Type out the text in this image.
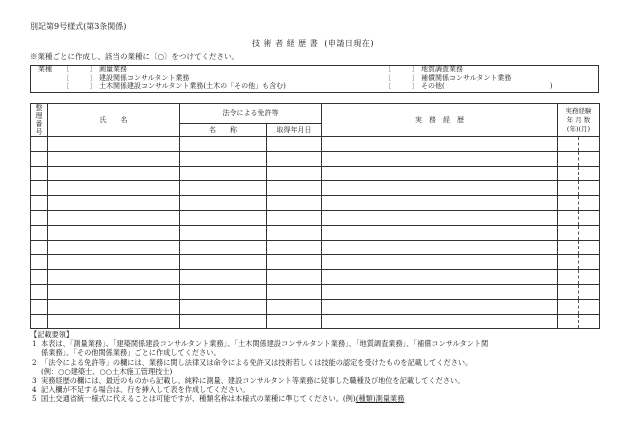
別記第9号様式(第3条関係)
技 術 者 経 歴 書 (申請日現在)
※業種ごとに作成し、該当の業種に〔○〕をつけてください。
業種 〔　　　〕 測量業務
〔　　　〕 建設関係コンサルタント業務
〔　　　〕 土木関係建設コンサルタント業務(土木の「その他」も含む)
〔　　　〕 地質調査業務
〔　　　〕 補償関係コンサルタント業務
〔　　　〕 その他(　　　　　　　　　　　　　　　)
整理番号	氏　　名	法令による免許等		実　務　経　歴	実務経験
年 月 数
(年)(月)	

		名　　称	取得年月日			

【記載要領】
1 本表は、「測量業務」、「建築関係建設コンサルタント業務」、「土木関係建設コンサルタント業務」、「地質調査業務」、「補償コンサルタント関
係業務」、「その他関係業務」ごとに作成してください。
2 「法令による免許等」の欄には、業務に関し法律又は命令による免許又は技術若しくは技能の認定を受けたものを記載してください。
(例：○○建築士、○○土木施工管理技士)
3 実務経歴の欄には、最近のものから記載し、純粋に測量、建設コンサルタント等業務に従事した職種及び地位を記載してください。
4 記入欄が不足する場合は、行を挿入して表を作成してください。
5 国土交通省統一様式に代えることは可能ですが、種類名称は本様式の業種に準じてください。(例)(種類)測量業務
